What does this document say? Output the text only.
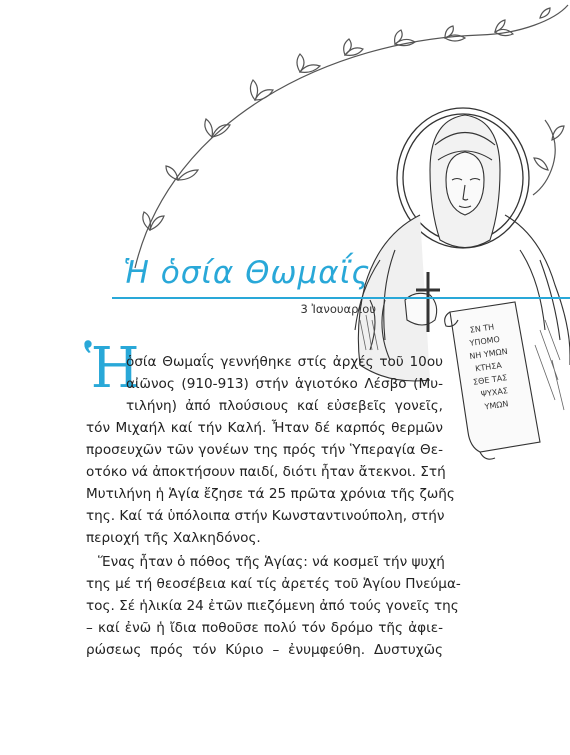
ΣΝ ΤΗ
ΥΠΟΜΟ
ΝΗ ΥΜΩΝ
ΚΤΗΣΑ
ΣΘΕ ΤΑΣ
ΨΥΧΑΣ
ΥΜΩΝ
Ἡ ὁσία Θωμαΐς
3 Ἰανουαρίου
Ἡ
ὁσία Θωμαΐς γεννήθηκε στίς ἀρχές τοῦ 10ου
αἰῶνος (910-913) στήν ἁγιοτόκο Λέσβο (Μυ-
τιλήνη) ἀπό πλούσιους καί εὐσεβεῖς γονεῖς,
τόν Μιχαήλ καί τήν Καλή. Ἦταν δέ καρπός θερμῶν
προσευχῶν τῶν γονέων της πρός τήν Ὑπεραγία Θε-
οτόκο νά ἀποκτήσουν παιδί, διότι ἦταν ἄτεκνοι. Στή
Μυτιλήνη ἡ Ἁγία ἔζησε τά 25 πρῶτα χρόνια τῆς ζωῆς
της. Καί τά ὑπόλοιπα στήν Κωνσταντινούπολη, στήν
περιοχή τῆς Χαλκηδόνος.
Ἕνας ἦταν ὁ πόθος τῆς Ἁγίας: νά κοσμεῖ τήν ψυχή
της μέ τή θεοσέβεια καί τίς ἀρετές τοῦ Ἁγίου Πνεύμα-
τος. Σέ ἡλικία 24 ἐτῶν πιεζόμενη ἀπό τούς γονεῖς της
– καί ἐνῶ ἡ ἴδια ποθοῦσε πολύ τόν δρόμο τῆς ἀφιε-
ρώσεως πρός τόν Κύριο – ἐνυμφεύθη. Δυστυχῶς
